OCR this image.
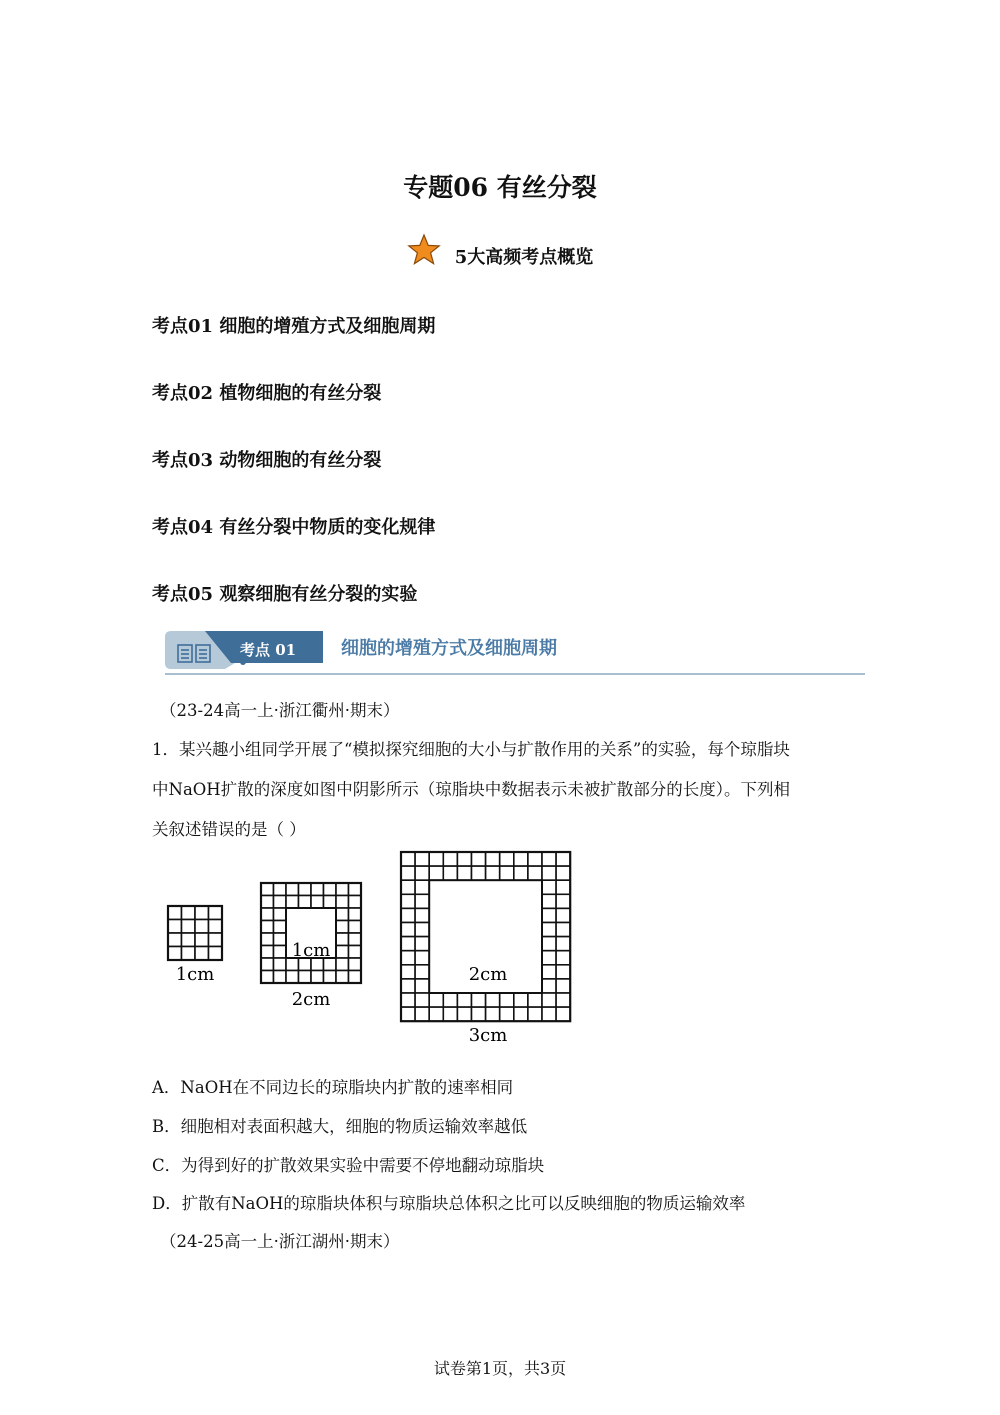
专题06 有丝分裂
5大高频考点概览
考点01 细胞的增殖方式及细胞周期
考点02 植物细胞的有丝分裂
考点03 动物细胞的有丝分裂
考点04 有丝分裂中物质的变化规律
考点05 观察细胞有丝分裂的实验
考点 01 细胞的增殖方式及细胞周期
（23-24高一上·浙江衢州·期末）
1．某兴趣小组同学开展了“模拟探究细胞的大小与扩散作用的关系”的实验，每个琼脂块
中NaOH扩散的深度如图中阴影所示（琼脂块中数据表示未被扩散部分的长度）。下列相
关叙述错误的是（ ）
1cm
1cm
2cm
2cm
3cm
A．NaOH在不同边长的琼脂块内扩散的速率相同
B．细胞相对表面积越大，细胞的物质运输效率越低
C．为得到好的扩散效果实验中需要不停地翻动琼脂块
D．扩散有NaOH的琼脂块体积与琼脂块总体积之比可以反映细胞的物质运输效率
（24-25高一上·浙江湖州·期末）
试卷第1页，共3页
